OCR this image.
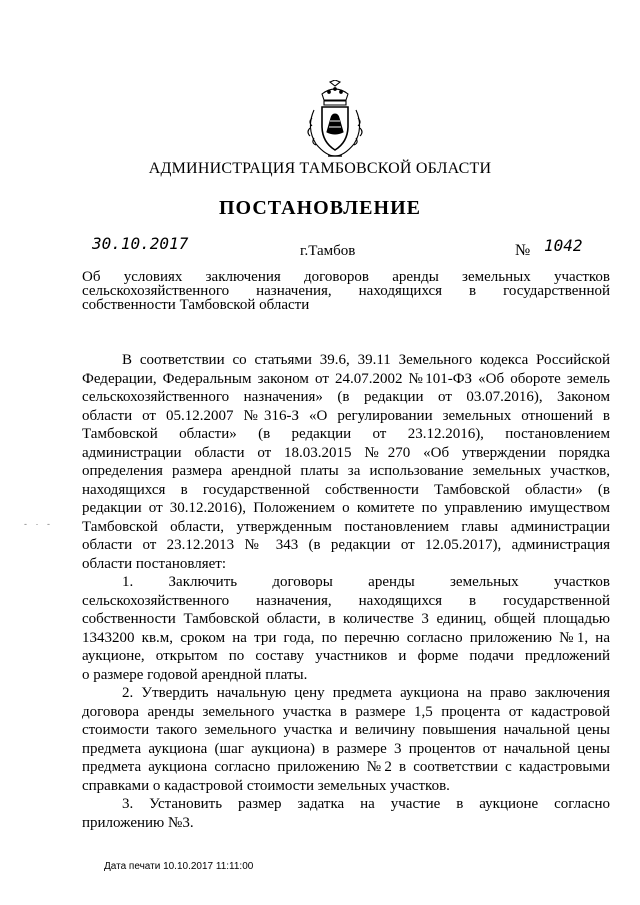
АДМИНИСТРАЦИЯ ТАМБОВСКОЙ ОБЛАСТИ
ПОСТАНОВЛЕНИЕ
30.10.2017	г.Тамбов	№ 1042
Об условиях заключения договоров аренды земельных участков
сельскохозяйственного назначения, находящихся в государственной
собственности Тамбовской области
В соответствии со статьями 39.6, 39.11 Земельного кодекса Российской
Федерации, Федеральным законом от 24.07.2002 №101-ФЗ «Об обороте земель
сельскохозяйственного назначения» (в редакции от 03.07.2016), Законом
области от 05.12.2007 №316-З «О регулировании земельных отношений в
Тамбовской области» (в редакции от 23.12.2016), постановлением
администрации области от 18.03.2015 №270 «Об утверждении порядка
определения размера арендной платы за использование земельных участков,
находящихся в государственной собственности Тамбовской области» (в
редакции от 30.12.2016), Положением о комитете по управлению имуществом
Тамбовской области, утвержденным постановлением главы администрации
области от 23.12.2013 № 343 (в редакции от 12.05.2017), администрация
области постановляет:
1. Заключить договоры аренды земельных участков
сельскохозяйственного назначения, находящихся в государственной
собственности Тамбовской области, в количестве 3 единиц, общей площадью
1343200 кв.м, сроком на три года, по перечню согласно приложению №1, на
аукционе, открытом по составу участников и форме подачи предложений
о размере годовой арендной платы.
2. Утвердить начальную цену предмета аукциона на право заключения
договора аренды земельного участка в размере 1,5 процента от кадастровой
стоимости такого земельного участка и величину повышения начальной цены
предмета аукциона (шаг аукциона) в размере 3 процентов от начальной цены
предмета аукциона согласно приложению №2 в соответствии с кадастровыми
справками о кадастровой стоимости земельных участков.
3. Установить размер задатка на участие в аукционе согласно
приложению №3.
- · -
Дата печати 10.10.2017 11:11:00
